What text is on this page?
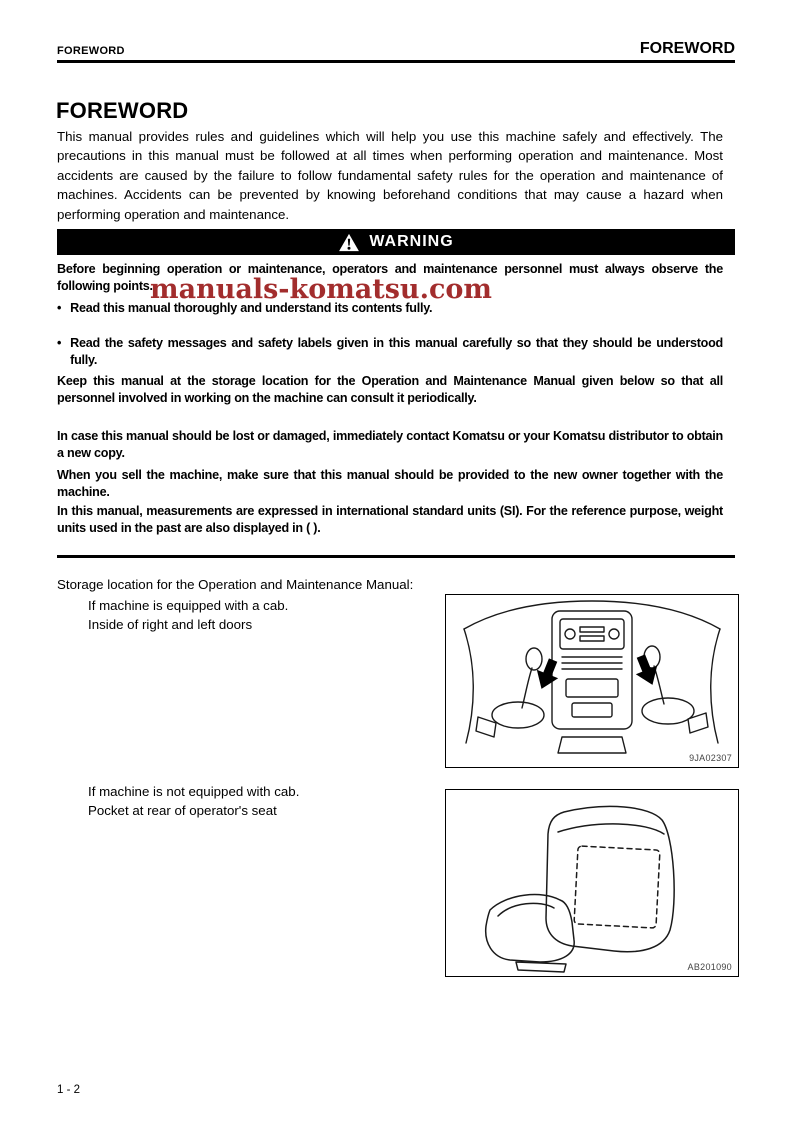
FOREWORD	FOREWORD
FOREWORD

This manual provides rules and guidelines which will help you use this machine safely and effectively. The precautions in this manual must be followed at all times when performing operation and maintenance. Most accidents are caused by the failure to follow fundamental safety rules for the operation and maintenance of machines. Accidents can be prevented by knowing beforehand conditions that may cause a hazard when performing operation and maintenance.

WARNING

Before beginning operation or maintenance, operators and maintenance personnel must always observe the following points.

manuals-komatsu.com
• Read this manual thoroughly and understand its contents fully.
• Read the safety messages and safety labels given in this manual carefully so that they should be understood fully.

Keep this manual at the storage location for the Operation and Maintenance Manual given below so that all personnel involved in working on the machine can consult it periodically.

In case this manual should be lost or damaged, immediately contact Komatsu or your Komatsu distributor to obtain a new copy.

When you sell the machine, make sure that this manual should be provided to the new owner together with the machine.

In this manual, measurements are expressed in international standard units (SI). For the reference purpose, weight units used in the past are also displayed in ( ).

Storage location for the Operation and Maintenance Manual:

If machine is equipped with a cab.

Inside of right and left doors

9JA02307

If machine is not equipped with cab.

Pocket at rear of operator's seat

AB201090
1 - 2
